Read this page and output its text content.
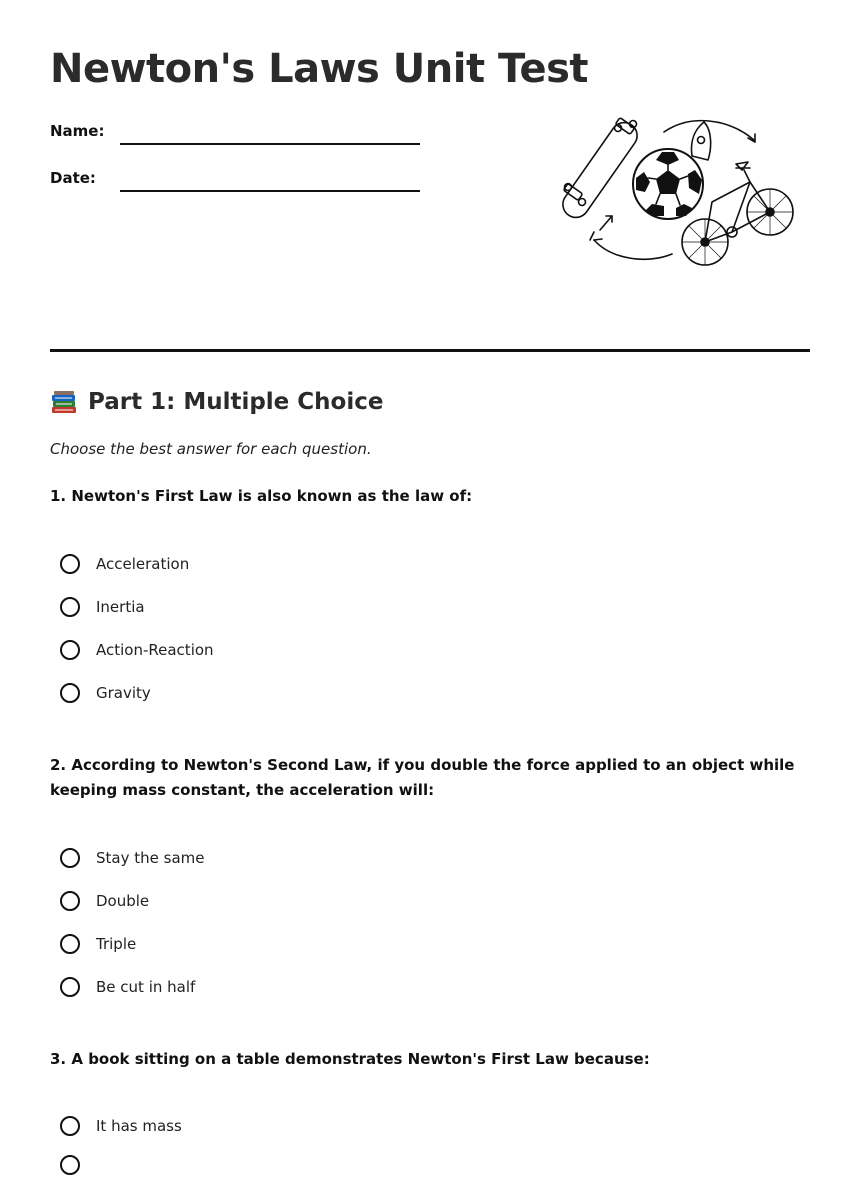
Newton's Laws Unit Test
Name:
Date:
Part 1: Multiple Choice
Choose the best answer for each question.
1. Newton's First Law is also known as the law of:
Acceleration
Inertia
Action-Reaction
Gravity
2. According to Newton's Second Law, if you double the force applied to an object while keeping mass constant, the acceleration will:
Stay the same
Double
Triple
Be cut in half
3. A book sitting on a table demonstrates Newton's First Law because:
It has mass
